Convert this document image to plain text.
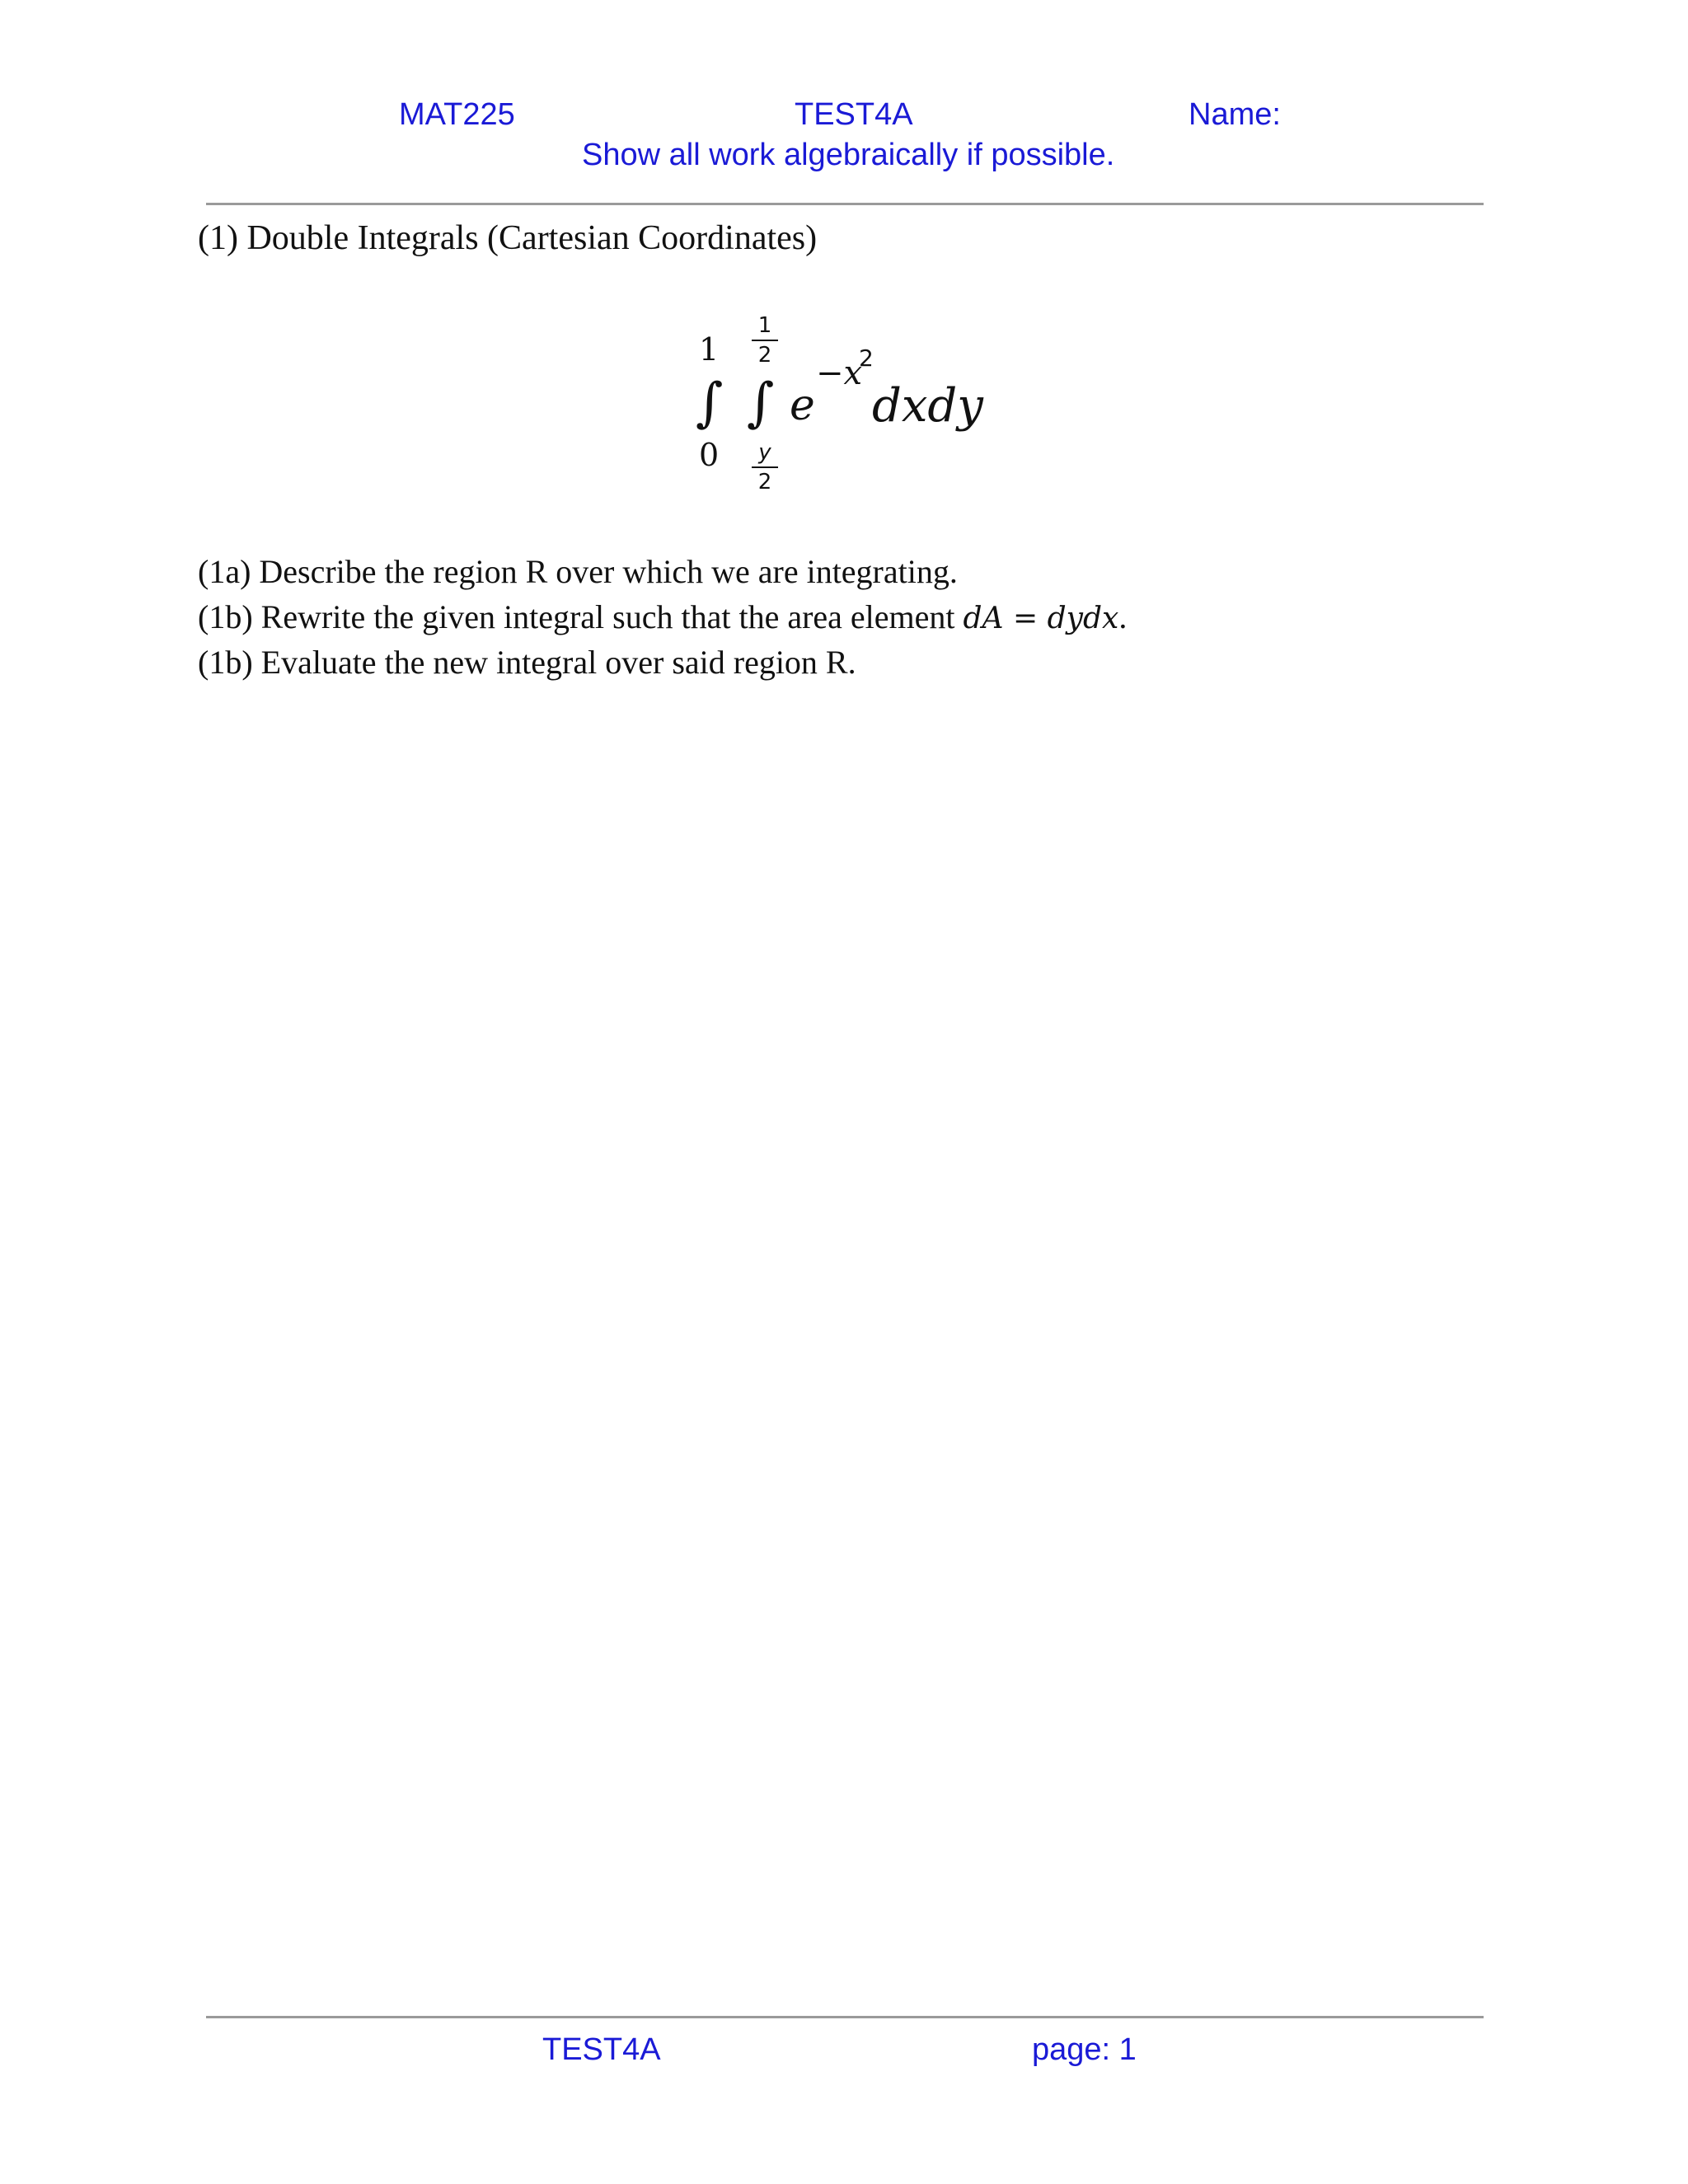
MAT225	TEST4A	Name:
Show all work algebraically if possible.
(1) Double Integrals (Cartesian Coordinates)
1
∫
0
1
2
∫
y
2
e
−x
2
dxdy
(1a) Describe the region R over which we are integrating.
(1b) Rewrite the given integral such that the area element dA = dydx.
(1b) Evaluate the new integral over said region R.
TEST4A	page: 1
